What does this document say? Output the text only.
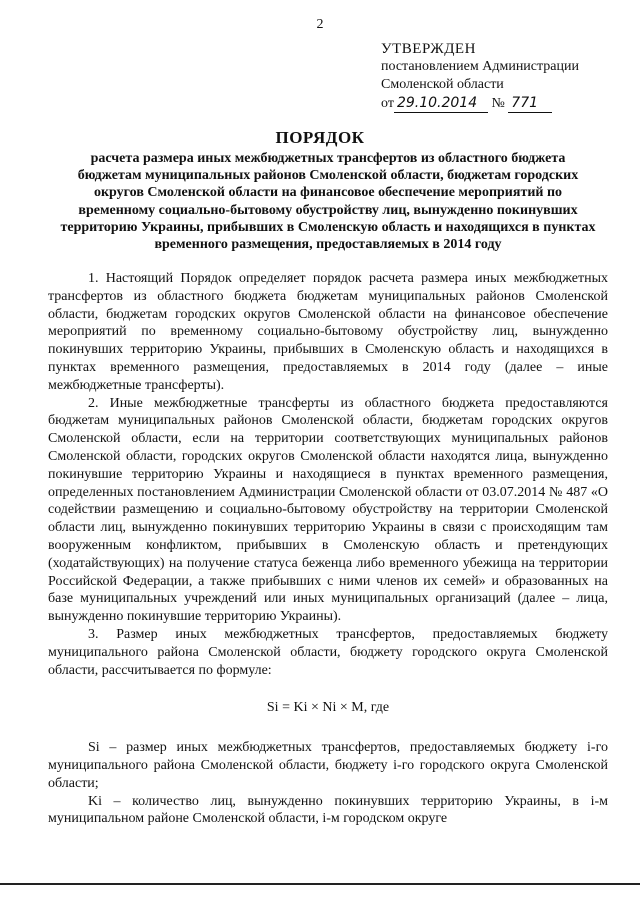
2
УТВЕРЖДЕН
постановлением Администрации
Смоленской области
от 29.10.2014 № 771
ПОРЯДОК
расчета размера иных межбюджетных трансфертов из областного бюджета бюджетам муниципальных районов Смоленской области, бюджетам городских округов Смоленской области на финансовое обеспечение мероприятий по временному социально-бытовому обустройству лиц, вынужденно покинувших территорию Украины, прибывших в Смоленскую область и находящихся в пунктах временного размещения, предоставляемых в 2014 году

1. Настоящий Порядок определяет порядок расчета размера иных межбюджетных трансфертов из областного бюджета бюджетам муниципальных районов Смоленской области, бюджетам городских округов Смоленской области на финансовое обеспечение мероприятий по временному социально-бытовому обустройству лиц, вынужденно покинувших территорию Украины, прибывших в Смоленскую область и находящихся в пунктах временного размещения, предоставляемых в 2014 году (далее – иные межбюджетные трансферты).

2. Иные межбюджетные трансферты из областного бюджета предоставляются бюджетам муниципальных районов Смоленской области, бюджетам городских округов Смоленской области, если на территории соответствующих муниципальных районов Смоленской области, городских округов Смоленской области находятся лица, вынужденно покинувшие территорию Украины и находящиеся в пунктах временного размещения, определенных постановлением Администрации Смоленской области от 03.07.2014 № 487 «О содействии размещению и социально-бытовому обустройству на территории Смоленской области лиц, вынужденно покинувших территорию Украины в связи с происходящим там вооруженным конфликтом, прибывших в Смоленскую область и претендующих (ходатайствующих) на получение статуса беженца либо временного убежища на территории Российской Федерации, а также прибывших с ними членов их семей» и образованных на базе муниципальных учреждений или иных муниципальных организаций (далее – лица, вынужденно покинувшие территорию Украины).

3. Размер иных межбюджетных трансфертов, предоставляемых бюджету муниципального района Смоленской области, бюджету городского округа Смоленской области, рассчитывается по формуле:

Si = Ki × Ni × M, где

Si – размер иных межбюджетных трансфертов, предоставляемых бюджету i-го муниципального района Смоленской области, бюджету i-го городского округа Смоленской области;

Ki – количество лиц, вынужденно покинувших территорию Украины, в i-м муниципальном районе Смоленской области, i-м городском округе
